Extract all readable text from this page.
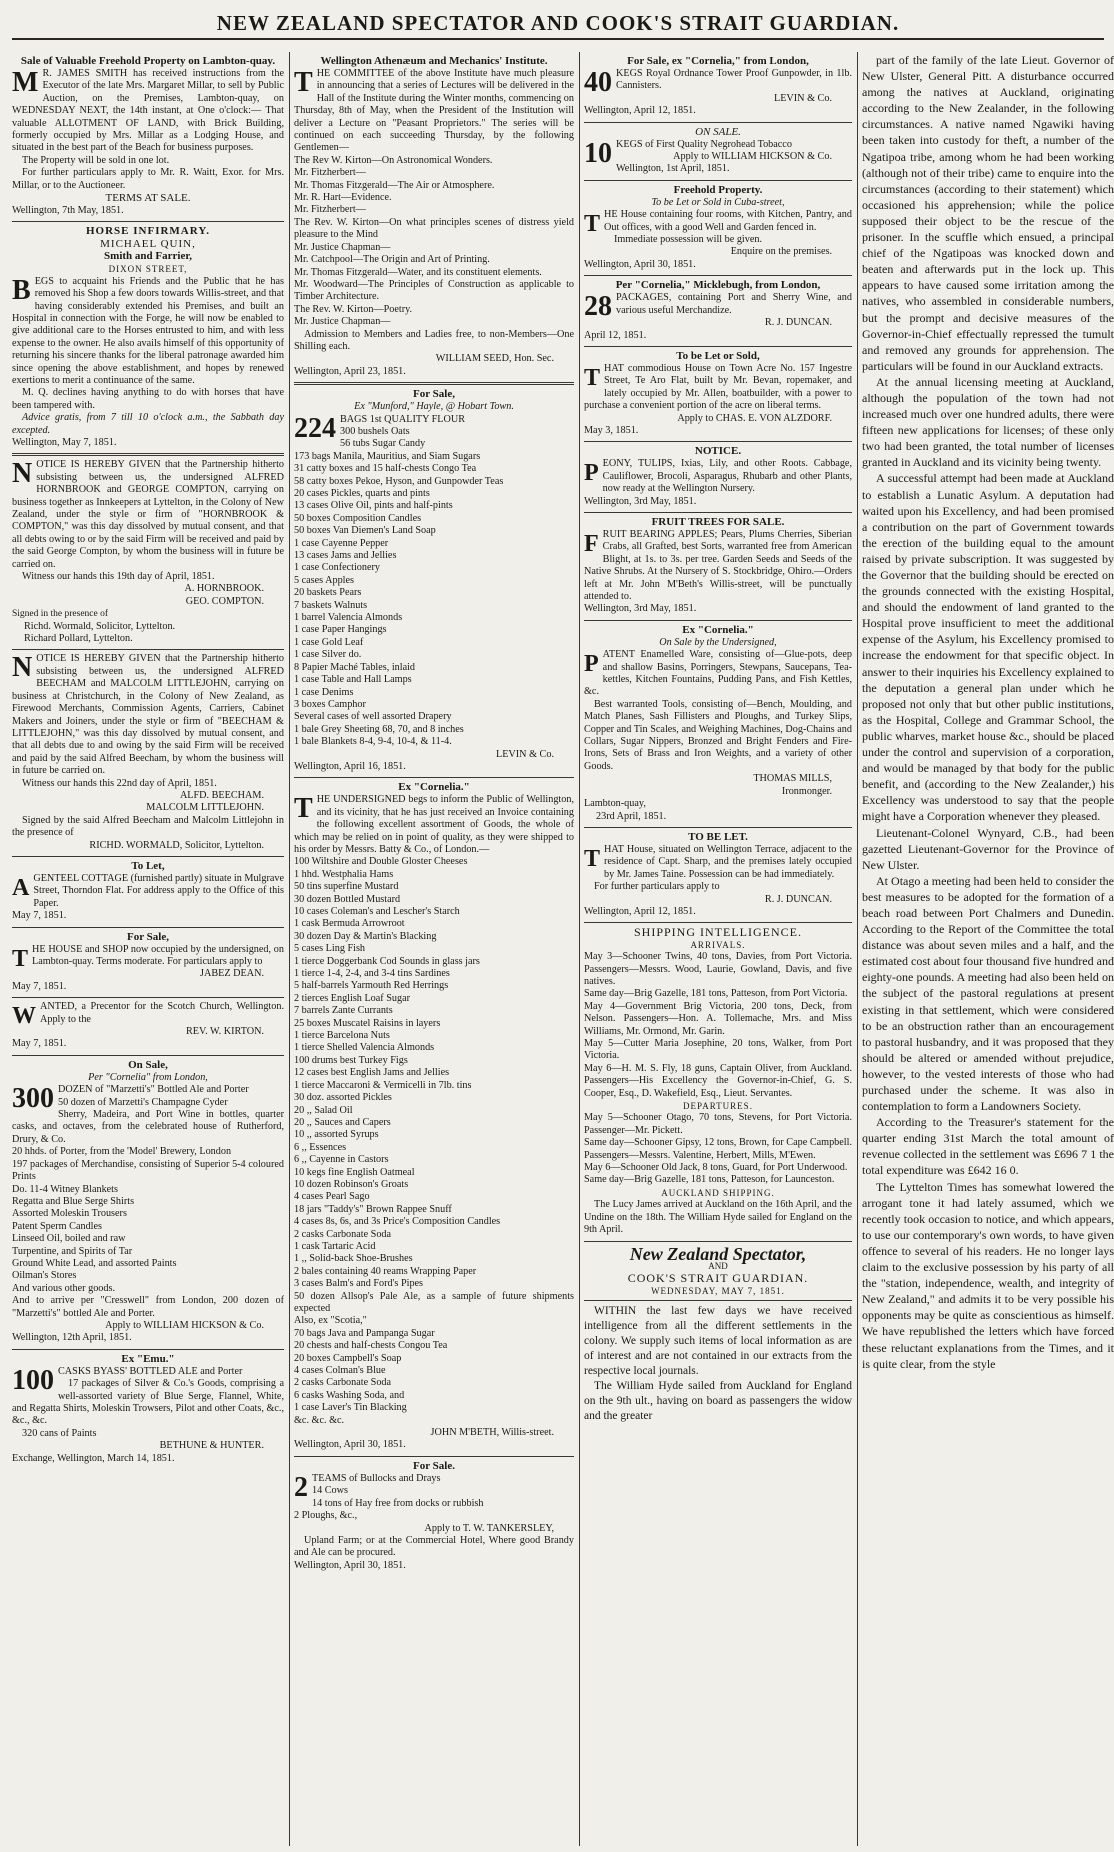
NEW ZEALAND SPECTATOR AND COOK'S STRAIT GUARDIAN.
Sale of Valuable Freehold Property on Lambton-quay.

M R. JAMES SMITH has received instructions from the Executor of the late Mrs. Margaret Millar, to sell by Public Auction, on the Premises, Lambton-quay, on WEDNESDAY NEXT, the 14th instant, at One o'clock:— That valuable ALLOTMENT OF LAND, with Brick Building, formerly occupied by Mrs. Millar as a Lodging House, and situated in the best part of the Beach for business purposes.

The Property will be sold in one lot.

For further particulars apply to Mr. R. Waitt, Exor. for Mrs. Millar, or to the Auctioneer.

TERMS AT SALE.
Wellington, 7th May, 1851.
HORSE INFIRMARY.
MICHAEL QUIN,
Smith and Farrier,
DIXON STREET,

BEGS to acquaint his Friends and the Public that he has removed his Shop a few doors towards Willis-street, and that having considerably extended his Premises, and built an Hospital in connection with the Forge, he will now be enabled to give additional care to the Horses entrusted to him, and with less expense to the owner. He also avails himself of this opportunity of returning his sincere thanks for the liberal patronage awarded him since opening the above establishment, and hopes by renewed exertions to merit a continuance of the same.

M. Q. declines having anything to do with horses that have been tampered with.

Advice gratis, from 7 till 10 o'clock a.m., the Sabbath day excepted.

Wellington, May 7, 1851.

NOTICE IS HEREBY GIVEN that the Partnership hitherto subsisting between us, the undersigned ALFRED HORNBROOK and GEORGE COMPTON, carrying on business together as Innkeepers at Lyttelton, in the Colony of New Zealand, under the style or firm of "HORNBROOK & COMPTON," was this day dissolved by mutual consent, and that all debts owing to or by the said Firm will be received and paid by the said George Compton, by whom the business will in future be carried on.

Witness our hands this 19th day of April, 1851.

A. HORNBROOK.
GEO. COMPTON.
Signed in the presence of
Richd. Wormald, Solicitor, Lyttelton.
Richard Pollard, Lyttelton.

NOTICE IS HEREBY GIVEN that the Partnership hitherto subsisting between us, the undersigned ALFRED BEECHAM and MALCOLM LITTLEJOHN, carrying on business at Christchurch, in the Colony of New Zealand, as Firewood Merchants, Commission Agents, Carriers, Cabinet Makers and Joiners, under the style or firm of "BEECHAM & LITTLEJOHN," was this day dissolved by mutual consent, and that all debts due to and owing by the said Firm will be received and paid by the said Alfred Beecham, by whom the business will in future be carried on.

Witness our hands this 22nd day of April, 1851.

ALFD. BEECHAM.
MALCOLM LITTLEJOHN.

Signed by the said Alfred Beecham and Malcolm Littlejohn in the presence of

RICHD. WORMALD, Solicitor, Lyttelton.
To Let,

AGENTEEL COTTAGE (furnished partly) situate in Mulgrave Street, Thorndon Flat. For address apply to the Office of this Paper.

May 7, 1851.
For Sale,

THE HOUSE and SHOP now occupied by the undersigned, on Lambton-quay. Terms moderate. For particulars apply to

JABEZ DEAN.
May 7, 1851.

WANTED, a Precentor for the Scotch Church, Wellington. Apply to the

REV. W. KIRTON.
May 7, 1851.
On Sale,
Per "Cornelia" from London,

300 DOZEN of "Marzetti's" Bottled Ale and Porter

50 dozen of Marzetti's Champagne Cyder
Sherry, Madeira, and Port Wine in bottles, quarter casks, and octaves, from the celebrated house of Rutherford, Drury, & Co.
20 hhds. of Porter, from the 'Model' Brewery, London
197 packages of Merchandise, consisting of Superior 5-4 coloured Prints
Do. 11-4 Witney Blankets
Regatta and Blue Serge Shirts
Assorted Moleskin Trousers
Patent Sperm Candles
Linseed Oil, boiled and raw
Turpentine, and Spirits of Tar
Ground White Lead, and assorted Paints
Oilman's Stores
And various other goods.
And to arrive per "Cresswell" from London, 200 dozen of "Marzetti's" bottled Ale and Porter.
Apply to WILLIAM HICKSON & Co.
Wellington, 12th April, 1851.
Ex "Emu."

100 CASKS BYASS' BOTTLED ALE and Porter

17 packages of Silver & Co.'s Goods, comprising a well-assorted variety of Blue Serge, Flannel, White, and Regatta Shirts, Moleskin Trowsers, Pilot and other Coats, &c., &c., &c.

320 cans of Paints

BETHUNE & HUNTER.
Exchange, Wellington, March 14, 1851.
Wellington Athenæum and Mechanics' Institute.

THE COMMITTEE of the above Institute have much pleasure in announcing that a series of Lectures will be delivered in the Hall of the Institute during the Winter months, commencing on Thursday, 8th of May, when the President of the Institution will deliver a Lecture on "Peasant Proprietors." The series will be continued on each succeeding Thursday, by the following Gentlemen—

The Rev W. Kirton—On Astronomical Wonders.
Mr. Fitzherbert—
Mr. Thomas Fitzgerald—The Air or Atmosphere.
Mr. R. Hart—Evidence.
Mr. Fitzherbert—
The Rev. W. Kirton—On what principles scenes of distress yield pleasure to the Mind
Mr. Justice Chapman—
Mr. Catchpool—The Origin and Art of Printing.
Mr. Thomas Fitzgerald—Water, and its constituent elements.
Mr. Woodward—The Principles of Construction as applicable to Timber Architecture.
The Rev. W. Kirton—Poetry.
Mr. Justice Chapman—

Admission to Members and Ladies free, to non-Members—One Shilling each.

WILLIAM SEED, Hon. Sec.
Wellington, April 23, 1851.
For Sale,
Ex "Munford," Hayle, @ Hobart Town.

224 BAGS 1st QUALITY FLOUR

300 bushels Oats
56 tubs Sugar Candy
173 bags Manila, Mauritius, and Siam Sugars
31 catty boxes and 15 half-chests Congo Tea
58 catty boxes Pekoe, Hyson, and Gunpowder Teas
20 cases Pickles, quarts and pints
13 cases Olive Oil, pints and half-pints
50 boxes Composition Candles
50 boxes Van Diemen's Land Soap
1 case Cayenne Pepper
13 cases Jams and Jellies
1 case Confectionery
5 cases Apples
20 baskets Pears
7 baskets Walnuts
1 barrel Valencia Almonds
1 case Paper Hangings
1 case Gold Leaf
1 case Silver do.
8 Papier Maché Tables, inlaid
1 case Table and Hall Lamps
1 case Denims
3 boxes Camphor
Several cases of well assorted Drapery
1 bale Grey Sheeting 68, 70, and 8 inches
1 bale Blankets 8-4, 9-4, 10-4, & 11-4.
LEVIN & Co.
Wellington, April 16, 1851.
Ex "Cornelia."

THE UNDERSIGNED begs to inform the Public of Wellington, and its vicinity, that he has just received an Invoice containing the following excellent assortment of Goods, the whole of which may be relied on in point of quality, as they were shipped to his order by Messrs. Batty & Co., of London.—

100 Wiltshire and Double Gloster Cheeses
1 hhd. Westphalia Hams
50 tins superfine Mustard
30 dozen Bottled Mustard
10 cases Coleman's and Lescher's Starch
1 cask Bermuda Arrowroot
30 dozen Day & Martin's Blacking
5 cases Ling Fish
1 tierce Doggerbank Cod Sounds in glass jars
1 tierce 1-4, 2-4, and 3-4 tins Sardines
5 half-barrels Yarmouth Red Herrings
2 tierces English Loaf Sugar
7 barrels Zante Currants
25 boxes Muscatel Raisins in layers
1 tierce Barcelona Nuts
1 tierce Shelled Valencia Almonds
100 drums best Turkey Figs
12 cases best English Jams and Jellies
1 tierce Maccaroni & Vermicelli in 7lb. tins
30 doz. assorted Pickles
20 ,, Salad Oil
20 ,, Sauces and Capers
10 ,, assorted Syrups
6 ,, Essences
6 ,, Cayenne in Castors
10 kegs fine English Oatmeal
10 dozen Robinson's Groats
4 cases Pearl Sago
18 jars "Taddy's" Brown Rappee Snuff
4 cases 8s, 6s, and 3s Price's Composition Candles
2 casks Carbonate Soda
1 cask Tartaric Acid
1 ,, Solid-back Shoe-Brushes
2 bales containing 40 reams Wrapping Paper
3 cases Balm's and Ford's Pipes
50 dozen Allsop's Pale Ale, as a sample of future shipments expected
Also, ex "Scotia,"
70 bags Java and Pampanga Sugar
20 chests and half-chests Congou Tea
20 boxes Campbell's Soap
4 cases Colman's Blue
2 casks Carbonate Soda
6 casks Washing Soda, and
1 case Laver's Tin Blacking
&c. &c. &c.
JOHN M'BETH, Willis-street.
Wellington, April 30, 1851.
For Sale.

2 TEAMS of Bullocks and Drays

14 Cows
14 tons of Hay free from docks or rubbish
2 Ploughs, &c.,
Apply to T. W. TANKERSLEY,

Upland Farm; or at the Commercial Hotel, Where good Brandy and Ale can be procured.

Wellington, April 30, 1851.
For Sale, ex "Cornelia," from London,

40 KEGS Royal Ordnance Tower Proof Gunpowder, in 1lb. Cannisters.

LEVIN & Co.
Wellington, April 12, 1851.
ON SALE.

10 KEGS of First Quality Negrohead Tobacco

Apply to WILLIAM HICKSON & Co.
Wellington, 1st April, 1851.
Freehold Property.
To be Let or Sold in Cuba-street,

THE House containing four rooms, with Kitchen, Pantry, and Out offices, with a good Well and Garden fenced in.

Immediate possession will be given.

Enquire on the premises.
Wellington, April 30, 1851.
Per "Cornelia," Micklebugh, from London,

28 PACKAGES, containing Port and Sherry Wine, and various useful Merchandize.

R. J. DUNCAN.
April 12, 1851.
To be Let or Sold,

THAT commodious House on Town Acre No. 157 Ingestre Street, Te Aro Flat, built by Mr. Bevan, ropemaker, and lately occupied by Mr. Allen, boatbuilder, with a power to purchase a convenient portion of the acre on liberal terms.

Apply to CHAS. E. VON ALZDORF.
May 3, 1851.
NOTICE.

PEONY, TULIPS, Ixias, Lily, and other Roots. Cabbage, Cauliflower, Brocoli, Asparagus, Rhubarb and other Plants, now ready at the Wellington Nursery.

Wellington, 3rd May, 1851.
FRUIT TREES FOR SALE.

FRUIT BEARING APPLES; Pears, Plums Cherries, Siberian Crabs, all Grafted, best Sorts, warranted free from American Blight, at 1s. to 3s. per tree. Garden Seeds and Seeds of the Native Shrubs. At the Nursery of S. Stockbridge, Ohiro.—Orders left at Mr. John M'Beth's Willis-street, will be punctually attended to.

Wellington, 3rd May, 1851.
Ex "Cornelia."
On Sale by the Undersigned,

PATENT Enamelled Ware, consisting of—Glue-pots, deep and shallow Basins, Porringers, Stewpans, Saucepans, Tea-kettles, Kitchen Fountains, Pudding Pans, and Fish Kettles, &c.

Best warranted Tools, consisting of—Bench, Moulding, and Match Planes, Sash Fillisters and Ploughs, and Turkey Slips, Copper and Tin Scales, and Weighing Machines, Dog-Chains and Collars, Sugar Nippers, Bronzed and Bright Fenders and Fire-Irons, Sets of Brass and Iron Weights, and a variety of other Goods.

THOMAS MILLS,
Ironmonger.
Lambton-quay,
23rd April, 1851.
TO BE LET.

THAT House, situated on Wellington Terrace, adjacent to the residence of Capt. Sharp, and the premises lately occupied by Mr. James Taine. Possession can be had immediately.

For further particulars apply to

R. J. DUNCAN.
Wellington, April 12, 1851.
SHIPPING INTELLIGENCE.
ARRIVALS.
May 3—Schooner Twins, 40 tons, Davies, from Port Victoria. Passengers—Messrs. Wood, Laurie, Gowland, Davis, and five natives.
Same day—Brig Gazelle, 181 tons, Patteson, from Port Victoria.
May 4—Government Brig Victoria, 200 tons, Deck, from Nelson. Passengers—Hon. A. Tollemache, Mrs. and Miss Williams, Mr. Ormond, Mr. Garin.
May 5—Cutter Maria Josephine, 20 tons, Walker, from Port Victoria.
May 6—H. M. S. Fly, 18 guns, Captain Oliver, from Auckland. Passengers—His Excellency the Governor-in-Chief, G. S. Cooper, Esq., D. Wakefield, Esq., Lieut. Servantes.
DEPARTURES.
May 5—Schooner Otago, 70 tons, Stevens, for Port Victoria. Passenger—Mr. Pickett.
Same day—Schooner Gipsy, 12 tons, Brown, for Cape Campbell. Passengers—Messrs. Valentine, Herbert, Mills, M'Ewen.
May 6—Schooner Old Jack, 8 tons, Guard, for Port Underwood.
Same day—Brig Gazelle, 181 tons, Patteson, for Launceston.
AUCKLAND SHIPPING.

The Lucy James arrived at Auckland on the 16th April, and the Undine on the 18th. The William Hyde sailed for England on the 9th April.

New Zealand Spectator,
AND
COOK'S STRAIT GUARDIAN.
WEDNESDAY, MAY 7, 1851.

WITHIN the last few days we have received intelligence from all the different settlements in the colony. We supply such items of local information as are of interest and are not contained in our extracts from the respective local journals.

The William Hyde sailed from Auckland for England on the 9th ult., having on board as passengers the widow and the greater

part of the family of the late Lieut. Governor of New Ulster, General Pitt. A disturbance occurred among the natives at Auckland, originating according to the New Zealander, in the following circumstances. A native named Ngawiki having been taken into custody for theft, a number of the Ngatipoa tribe, among whom he had been working (although not of their tribe) came to enquire into the circumstances (according to their statement) which occasioned his apprehension; while the police supposed their object to be the rescue of the prisoner. In the scuffle which ensued, a principal chief of the Ngatipoas was knocked down and beaten and afterwards put in the lock up. This appears to have caused some irritation among the natives, who assembled in considerable numbers, but the prompt and decisive measures of the Governor-in-Chief effectually repressed the tumult and removed any grounds for apprehension. The particulars will be found in our Auckland extracts.

At the annual licensing meeting at Auckland, although the population of the town had not increased much over one hundred adults, there were fifteen new applications for licenses; of these only two had been granted, the total number of licenses granted in Auckland and its vicinity being twenty.

A successful attempt had been made at Auckland to establish a Lunatic Asylum. A deputation had waited upon his Excellency, and had been promised a contribution on the part of Government towards the erection of the building equal to the amount raised by private subscription. It was suggested by the Governor that the building should be erected on the grounds connected with the existing Hospital, and should the endowment of land granted to the Hospital prove insufficient to meet the additional expense of the Asylum, his Excellency promised to increase the endowment for that specific object. In answer to their inquiries his Excellency explained to the deputation a general plan under which he proposed not only that but other public institutions, as the Hospital, College and Grammar School, the public wharves, market house &c., should be placed under the control and supervision of a corporation, and would be managed by that body for the public benefit, and (according to the New Zealander,) his Excellency was understood to say that the people might have a Corporation whenever they pleased.

Lieutenant-Colonel Wynyard, C.B., had been gazetted Lieutenant-Governor for the Province of New Ulster.

At Otago a meeting had been held to consider the best measures to be adopted for the formation of a beach road between Port Chalmers and Dunedin. According to the Report of the Committee the total distance was about seven miles and a half, and the estimated cost about four thousand five hundred and eighty-one pounds. A meeting had also been held on the subject of the pastoral regulations at present existing in that settlement, which were considered to be an obstruction rather than an encouragement to pastoral husbandry, and it was proposed that they should be altered or amended without prejudice, however, to the vested interests of those who had purchased under the scheme. It was also in contemplation to form a Landowners Society.

According to the Treasurer's statement for the quarter ending 31st March the total amount of revenue collected in the settlement was £696 7 1 the total expenditure was £642 16 0.

The Lyttelton Times has somewhat lowered the arrogant tone it had lately assumed, which we recently took occasion to notice, and which appears, to use our contemporary's own words, to have given offence to several of his readers. He no longer lays claim to the exclusive possession by his party of all the "station, independence, wealth, and integrity of New Zealand," and admits it to be very possible his opponents may be quite as conscientious as himself. We have republished the letters which have forced these reluctant explanations from the Times, and it is quite clear, from the style
